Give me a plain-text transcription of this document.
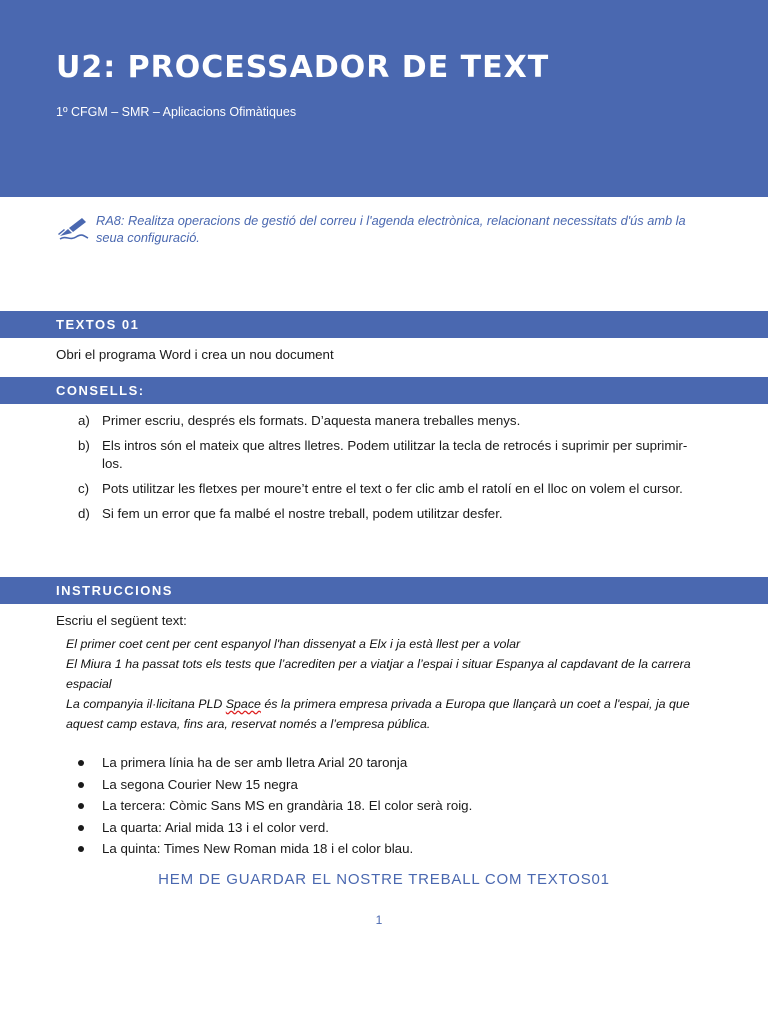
U2: PROCESSADOR DE TEXT
1º CFGM – SMR – Aplicacions Ofimàtiques
RA8: Realitza operacions de gestió del correu i l'agenda electrònica, relacionant necessitats d'ús amb la seua configuració.
TEXTOS 01
Obri el programa Word i crea un nou document
CONSELLS:
a) Primer escriu, després els formats. D’aquesta manera treballes menys.
b) Els intros són el mateix que altres lletres. Podem utilitzar la tecla de retrocés i suprimir per suprimir-los.
c) Pots utilitzar les fletxes per moure’t entre el text o fer clic amb el ratolí en el lloc on volem el cursor.
d) Si fem un error que fa malbé el nostre treball, podem utilitzar desfer.
INSTRUCCIONS
Escriu el següent text:
El primer coet cent per cent espanyol l'han dissenyat a Elx i ja està llest per a volar
El Miura 1 ha passat tots els tests que l’acrediten per a viatjar a l’espai i situar Espanya al capdavant de la carrera espacial
La companyia il·licitana PLD Space és la primera empresa privada a Europa que llançarà un coet a l'espai, ja que aquest camp estava, fins ara, reservat només a l’empresa pública.
La primera línia ha de ser amb lletra Arial 20 taronja
La segona Courier New 15 negra
La tercera: Còmic Sans MS en grandària 18. El color serà roig.
La quarta: Arial mida 13 i el color verd.
La quinta: Times New Roman mida 18 i el color blau.
HEM DE GUARDAR EL NOSTRE TREBALL COM TEXTOS01
1
